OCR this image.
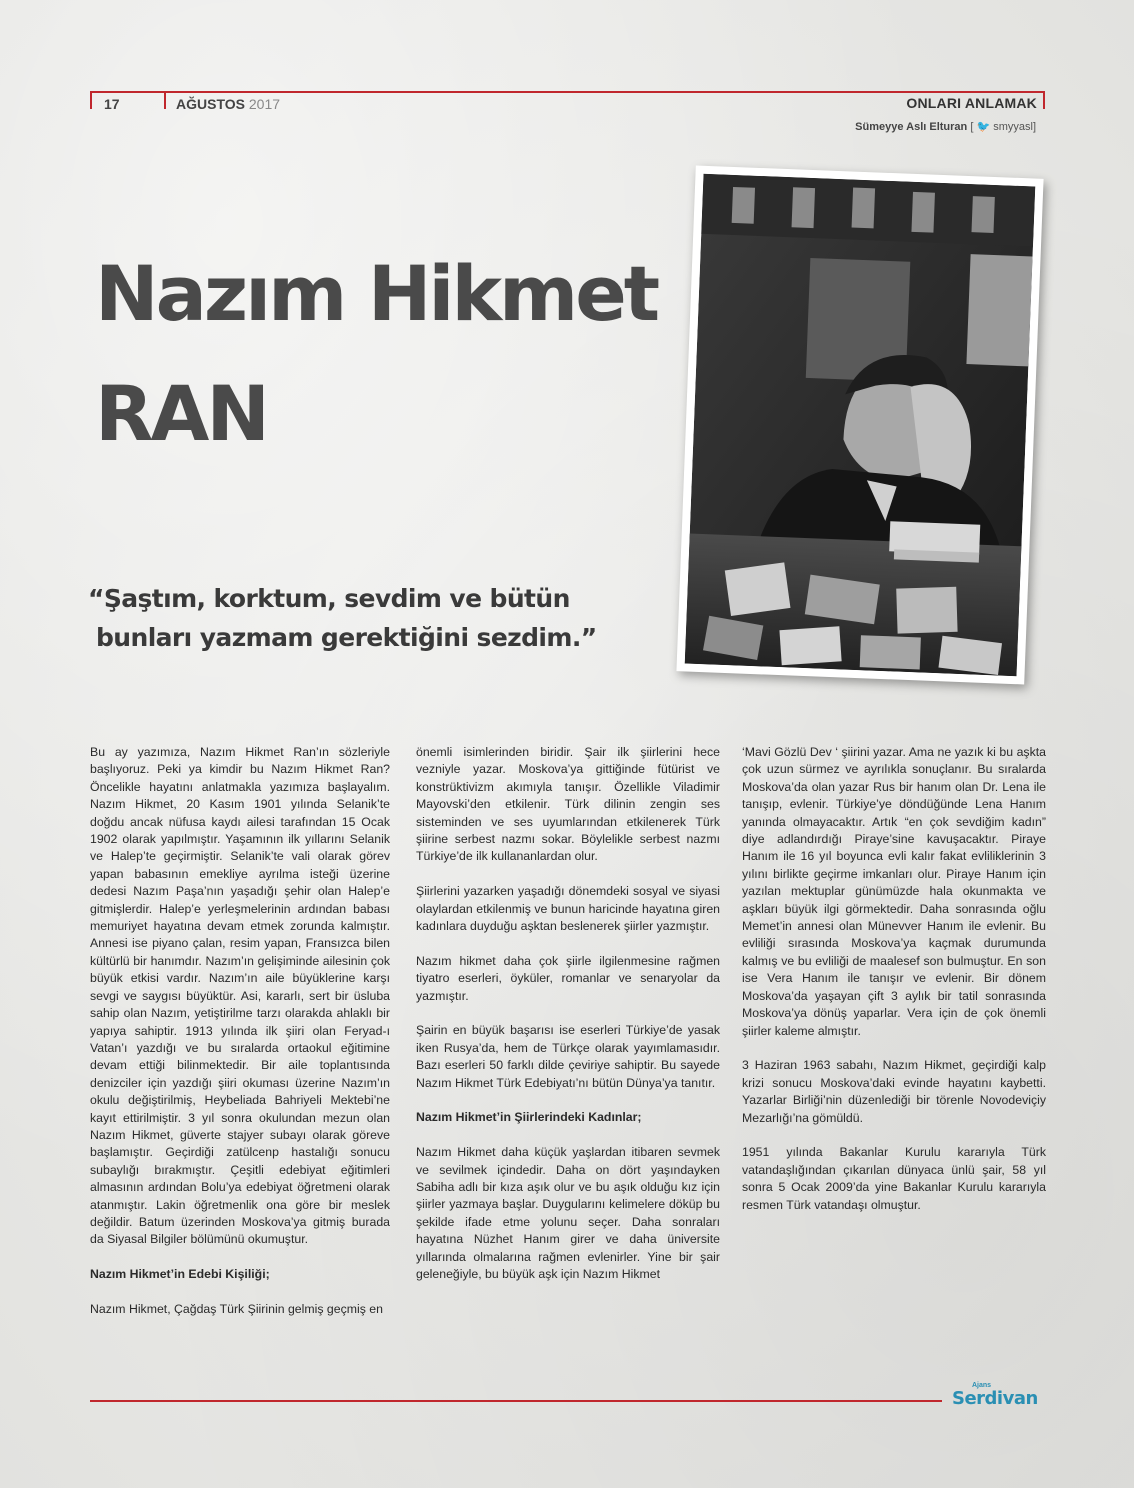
17	AĞUSTOS 2017	ONLARI ANLAMAK
Sümeyye Aslı Elturan [ 🐦 smyyasl]
Nazım Hikmet
RAN
“Şaştım, korktum, sevdim ve bütün
bunları yazmam gerektiğini sezdim.”

Bu ay yazımıza, Nazım Hikmet Ran’ın sözleriyle başlıyoruz. Peki ya kimdir bu Nazım Hikmet Ran? Öncelikle hayatını anlatmakla yazımıza başlayalım. Nazım Hikmet, 20 Kasım 1901 yılında Selanik’te doğdu ancak nüfusa kaydı ailesi tarafından 15 Ocak 1902 olarak yapılmıştır. Yaşamının ilk yıllarını Selanik ve Halep’te geçirmiştir. Selanik’te vali olarak görev yapan babasının emekliye ayrılma isteği üzerine dedesi Nazım Paşa’nın yaşadığı şehir olan Halep’e gitmişlerdir. Halep’e yerleşmelerinin ardından babası memuriyet hayatına devam etmek zorunda kalmıştır. Annesi ise piyano çalan, resim yapan, Fransızca bilen kültürlü bir hanımdır. Nazım’ın gelişiminde ailesinin çok büyük etkisi vardır. Nazım’ın aile büyüklerine karşı sevgi ve saygısı büyüktür. Asi, kararlı, sert bir üsluba sahip olan Nazım, yetiştirilme tarzı olarakda ahlaklı bir yapıya sahiptir. 1913 yılında ilk şiiri olan Feryad-ı Vatan’ı yazdığı ve bu sıralarda ortaokul eğitimine devam ettiği bilinmektedir. Bir aile toplantısında denizciler için yazdığı şiiri okuması üzerine Nazım’ın okulu değiştirilmiş, Heybeliada Bahriyeli Mektebi’ne kayıt ettirilmiştir. 3 yıl sonra okulundan mezun olan Nazım Hikmet, güverte stajyer subayı olarak göreve başlamıştır. Geçirdiği zatülcenp hastalığı sonucu subaylığı bırakmıştır. Çeşitli edebiyat eğitimleri almasının ardından Bolu’ya edebiyat öğretmeni olarak atanmıştır. Lakin öğretmenlik ona göre bir meslek değildir. Batum üzerinden Moskova’ya gitmiş burada da Siyasal Bilgiler bölümünü okumuştur.

Nazım Hikmet’in Edebi Kişiliği;

Nazım Hikmet, Çağdaş Türk Şiirinin gelmiş geçmiş en

önemli isimlerinden biridir. Şair ilk şiirlerini hece vezniyle yazar. Moskova’ya gittiğinde fütürist ve konstrüktivizm akımıyla tanışır. Özellikle Viladimir Mayovski’den etkilenir. Türk dilinin zengin ses sisteminden ve ses uyumlarından etkilenerek Türk şiirine serbest nazmı sokar. Böylelikle serbest nazmı Türkiye’de ilk kullananlardan olur.

Şiirlerini yazarken yaşadığı dönemdeki sosyal ve siyasi olaylardan etkilenmiş ve bunun haricinde hayatına giren kadınlara duyduğu aşktan beslenerek şiirler yazmıştır.

Nazım hikmet daha çok şiirle ilgilenmesine rağmen tiyatro eserleri, öyküler, romanlar ve senaryolar da yazmıştır.

Şairin en büyük başarısı ise eserleri Türkiye’de yasak iken Rusya’da, hem de Türkçe olarak yayımlamasıdır. Bazı eserleri 50 farklı dilde çeviriye sahiptir. Bu sayede Nazım Hikmet Türk Edebiyatı’nı bütün Dünya’ya tanıtır.

Nazım Hikmet’in Şiirlerindeki Kadınlar;

Nazım Hikmet daha küçük yaşlardan itibaren sevmek ve sevilmek içindedir. Daha on dört yaşındayken Sabiha adlı bir kıza aşık olur ve bu aşık olduğu kız için şiirler yazmaya başlar. Duygularını kelimelere döküp bu şekilde ifade etme yolunu seçer. Daha sonraları hayatına Nüzhet Hanım girer ve daha üniversite yıllarında olmalarına rağmen evlenirler. Yine bir şair geleneğiyle, bu büyük aşk için Nazım Hikmet

‘Mavi Gözlü Dev ‘ şiirini yazar. Ama ne yazık ki bu aşkta çok uzun sürmez ve ayrılıkla sonuçlanır. Bu sıralarda Moskova’da olan yazar Rus bir hanım olan Dr. Lena ile tanışıp, evlenir. Türkiye’ye döndüğünde Lena Hanım yanında olmayacaktır. Artık “en çok sevdiğim kadın” diye adlandırdığı Piraye’sine kavuşacaktır. Piraye Hanım ile 16 yıl boyunca evli kalır fakat evliliklerinin 3 yılını birlikte geçirme imkanları olur. Piraye Hanım için yazılan mektuplar günümüzde hala okunmakta ve aşkları büyük ilgi görmektedir. Daha sonrasında oğlu Memet’in annesi olan Münevver Hanım ile evlenir. Bu evliliği sırasında Moskova’ya kaçmak durumunda kalmış ve bu evliliği de maalesef son bulmuştur. En son ise Vera Hanım ile tanışır ve evlenir. Bir dönem Moskova’da yaşayan çift 3 aylık bir tatil sonrasında Moskova’ya dönüş yaparlar. Vera için de çok önemli şiirler kaleme almıştır.

3 Haziran 1963 sabahı, Nazım Hikmet, geçirdiği kalp krizi sonucu Moskova’daki evinde hayatını kaybetti. Yazarlar Birliği’nin düzenlediği bir törenle Novodeviçiy Mezarlığı’na gömüldü.

1951 yılında Bakanlar Kurulu kararıyla Türk vatandaşlığından çıkarılan dünyaca ünlü şair, 58 yıl sonra 5 Ocak 2009’da yine Bakanlar Kurulu kararıyla resmen Türk vatandaşı olmuştur.

Ajans
Serdivan
